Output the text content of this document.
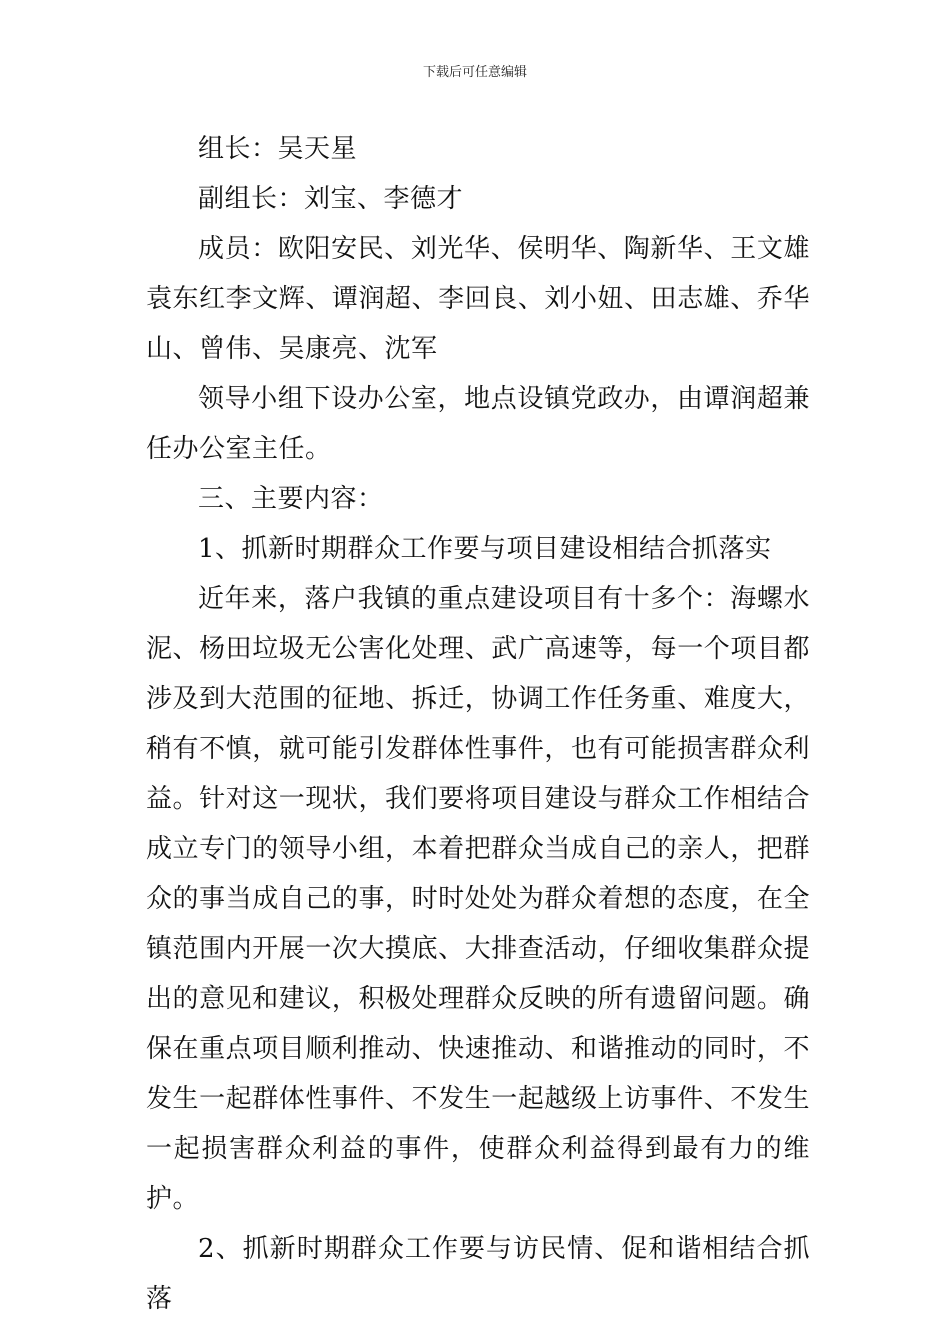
下载后可任意编辑

组长：吴天星

副组长：刘宝、李德才

成员：欧阳安民、刘光华、侯明华、陶新华、王文雄袁东红李文辉、谭润超、李回良、刘小妞、田志雄、乔华山、曾伟、吴康亮、沈军

领导小组下设办公室，地点设镇党政办，由谭润超兼任办公室主任。

三、主要内容：

1、抓新时期群众工作要与项目建设相结合抓落实

近年来，落户我镇的重点建设项目有十多个：海螺水泥、杨田垃圾无公害化处理、武广高速等，每一个项目都涉及到大范围的征地、拆迁，协调工作任务重、难度大，稍有不慎，就可能引发群体性事件，也有可能损害群众利益。针对这一现状，我们要将项目建设与群众工作相结合成立专门的领导小组，本着把群众当成自己的亲人，把群众的事当成自己的事，时时处处为群众着想的态度，在全镇范围内开展一次大摸底、大排查活动，仔细收集群众提出的意见和建议，积极处理群众反映的所有遗留问题。确保在重点项目顺利推动、快速推动、和谐推动的同时，不发生一起群体性事件、不发生一起越级上访事件、不发生一起损害群众利益的事件，使群众利益得到最有力的维护。

2、抓新时期群众工作要与访民情、促和谐相结合抓落
